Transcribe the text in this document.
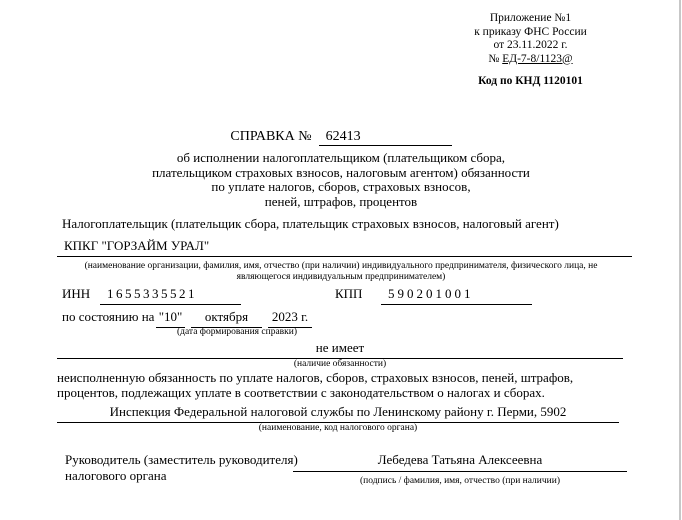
Приложение №1
к приказу ФНС России
от 23.11.2022 г.
№ ЕД-7-8/1123@
Код по КНД 1120101
СПРАВКА №	62413
об исполнении налогоплательщиком (плательщиком сбора,
плательщиком страховых взносов, налоговым агентом) обязанности
по уплате налогов, сборов, страховых взносов,
пеней, штрафов, процентов
Налогоплательщик (плательщик сбора, плательщик страховых взносов, налоговый агент)
КПКГ "ГОРЗАЙМ УРАЛ"
(наименование организации, фамилия, имя, отчество (при наличии) индивидуального предпринимателя, физического лица, не являющегося индивидуальным предпринимателем)
ИНН	1655335521	КПП	590201001
по состоянию на "10"	октября	2023 г.
(дата формирования справки)
не имеет
(наличие обязанности)
неисполненную обязанность по уплате налогов, сборов, страховых взносов, пеней, штрафов, процентов, подлежащих уплате в соответствии с законодательством о налогах и сборах.
Инспекция Федеральной налоговой службы по Ленинскому району г. Перми, 5902
(наименование, код налогового органа)
Руководитель (заместитель руководителя)
налогового органа
Лебедева Татьяна Алексеевна
(подпись / фамилия, имя, отчество (при наличии)
